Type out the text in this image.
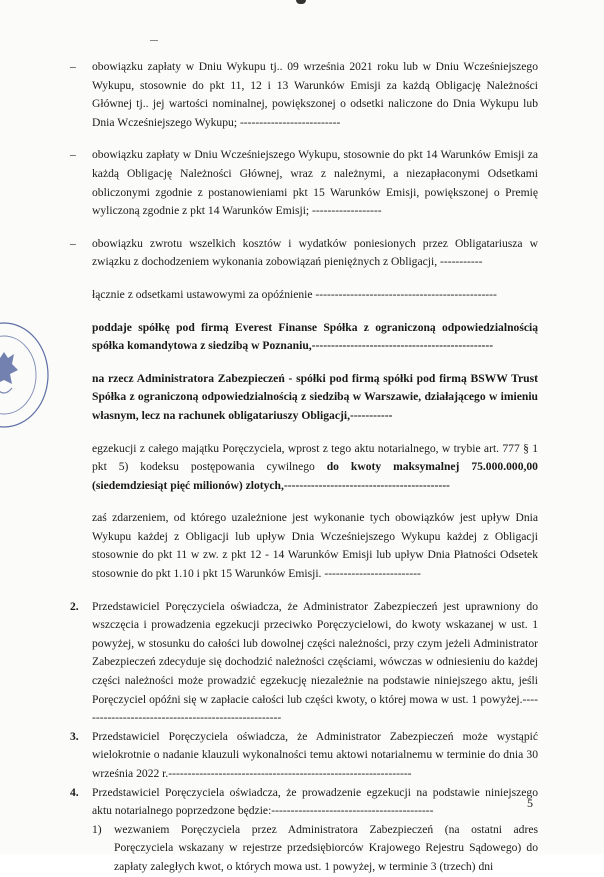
–	obowiązku zapłaty w Dniu Wykupu tj.. 09 września 2021 roku lub w Dniu Wcześniejszego Wykupu, stosownie do pkt 11, 12 i 13 Warunków Emisji za każdą Obligację Należności Głównej tj.. jej wartości nominalnej, powiększonej o odsetki naliczone do Dnia Wykupu lub Dnia Wcześniejszego Wykupu; --------------------------
–	obowiązku zapłaty w Dniu Wcześniejszego Wykupu, stosownie do pkt 14 Warunków Emisji za każdą Obligację Należności Głównej, wraz z należnymi, a niezapłaconymi Odsetkami obliczonymi zgodnie z postanowieniami pkt 15 Warunków Emisji, powiększonej o Premię wyliczoną zgodnie z pkt 14 Warunków Emisji; ------------------
–	obowiązku zwrotu wszelkich kosztów i wydatków poniesionych przez Obligatariusza w związku z dochodzeniem wykonania zobowiązań pieniężnych z Obligacji, -----------

łącznie z odsetkami ustawowymi za opóźnienie -----------------------------------------------

poddaje spółkę pod firmą Everest Finanse Spółka z ograniczoną odpowiedzialnością spółka komandytowa z siedzibą w Poznaniu,-----------------------------------------------

na rzecz Administratora Zabezpieczeń - spółki pod firmą spółki pod firmą BSWW Trust Spółka z ograniczoną odpowiedzialnością z siedzibą w Warszawie, działającego w imieniu własnym, lecz na rachunek obligatariuszy Obligacji,-----------

egzekucji z całego majątku Poręczyciela, wprost z tego aktu notarialnego, w trybie art. 777 § 1 pkt 5) kodeksu postępowania cywilnego do kwoty maksymalnej 75.000.000,00 (siedemdziesiąt pięć milionów) zlotych,-------------------------------------------

zaś zdarzeniem, od którego uzależnione jest wykonanie tych obowiązków jest upływ Dnia Wykupu każdej z Obligacji lub upływ Dnia Wcześniejszego Wykupu każdej z Obligacji stosownie do pkt 11 w zw. z pkt 12 - 14 Warunków Emisji lub upływ Dnia Płatności Odsetek stosownie do pkt 1.10 i pkt 15 Warunków Emisji. -------------------------

2.	Przedstawiciel Poręczyciela oświadcza, że Administrator Zabezpieczeń jest uprawniony do wszczęcia i prowadzenia egzekucji przeciwko Poręczycielowi, do kwoty wskazanej w ust. 1 powyżej, w stosunku do całości lub dowolnej części należności, przy czym jeżeli Administrator Zabezpieczeń zdecyduje się dochodzić należności częściami, wówczas w odniesieniu do każdej części należności może prowadzić egzekucję niezależnie na podstawie niniejszego aktu, jeśli Poręczyciel opóźni się w zapłacie całości lub części kwoty, o której mowa w ust. 1 powyżej.-----------------------------------------------------
3.	Przedstawiciel Poręczyciela oświadcza, że Administrator Zabezpieczeń może wystąpić wielokrotnie o nadanie klauzuli wykonalności temu aktowi notarialnemu w terminie do dnia 30 września 2022 r.---------------------------------------------------------------
4.	Przedstawiciel Poręczyciela oświadcza, że prowadzenie egzekucji na podstawie niniejszego aktu notarialnego poprzedzone będzie:------------------------------------------
1)	wezwaniem Poręczyciela przez Administratora Zabezpieczeń (na ostatni adres Poręczyciela wskazany w rejestrze przedsiębiorców Krajowego Rejestru Sądowego) do zapłaty zaległych kwot, o których mowa ust. 1 powyżej, w terminie 3 (trzech) dni
5
